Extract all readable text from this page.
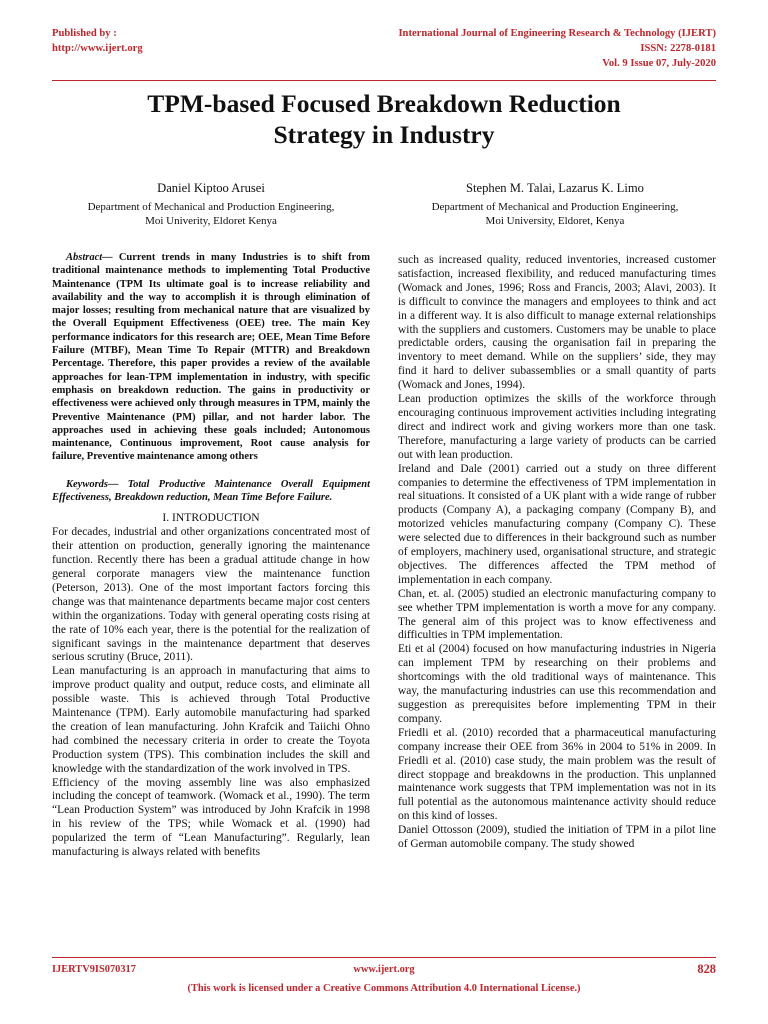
Published by :
http://www.ijert.org
International Journal of Engineering Research & Technology (IJERT)
ISSN: 2278-0181
Vol. 9 Issue 07, July-2020
TPM-based Focused Breakdown Reduction
Strategy in Industry
Daniel Kiptoo Arusei
Department of Mechanical and Production Engineering,
Moi Univerity, Eldoret Kenya
Stephen M. Talai, Lazarus K. Limo
Department of Mechanical and Production Engineering,
Moi University, Eldoret, Kenya

Abstract— Current trends in many Industries is to shift from traditional maintenance methods to implementing Total Productive Maintenance (TPM Its ultimate goal is to increase reliability and availability and the way to accomplish it is through elimination of major losses; resulting from mechanical nature that are visualized by the Overall Equipment Effectiveness (OEE) tree. The main Key performance indicators for this research are; OEE, Mean Time Before Failure (MTBF), Mean Time To Repair (MTTR) and Breakdown Percentage. Therefore, this paper provides a review of the available approaches for lean-TPM implementation in industry, with specific emphasis on breakdown reduction. The gains in productivity or effectiveness were achieved only through measures in TPM, mainly the Preventive Maintenance (PM) pillar, and not harder labor. The approaches used in achieving these goals included; Autonomous maintenance, Continuous improvement, Root cause analysis for failure, Preventive maintenance among others

Keywords— Total Productive Maintenance Overall Equipment Effectiveness, Breakdown reduction, Mean Time Before Failure.

I. INTRODUCTION

For decades, industrial and other organizations concentrated most of their attention on production, generally ignoring the maintenance function. Recently there has been a gradual attitude change in how general corporate managers view the maintenance function (Peterson, 2013). One of the most important factors forcing this change was that maintenance departments became major cost centers within the organizations. Today with general operating costs rising at the rate of 10% each year, there is the potential for the realization of significant savings in the maintenance department that deserves serious scrutiny (Bruce, 2011).

Lean manufacturing is an approach in manufacturing that aims to improve product quality and output, reduce costs, and eliminate all possible waste. This is achieved through Total Productive Maintenance (TPM). Early automobile manufacturing had sparked the creation of lean manufacturing. John Krafcik and Taiichi Ohno had combined the necessary criteria in order to create the Toyota Production system (TPS). This combination includes the skill and knowledge with the standardization of the work involved in TPS.

Efficiency of the moving assembly line was also emphasized including the concept of teamwork. (Womack et al., 1990). The term “Lean Production System” was introduced by John Krafcik in 1998 in his review of the TPS; while Womack et al. (1990) had popularized the term of “Lean Manufacturing”. Regularly, lean manufacturing is always related with benefits

such as increased quality, reduced inventories, increased customer satisfaction, increased flexibility, and reduced manufacturing times (Womack and Jones, 1996; Ross and Francis, 2003; Alavi, 2003). It is difficult to convince the managers and employees to think and act in a different way. It is also difficult to manage external relationships with the suppliers and customers. Customers may be unable to place predictable orders, causing the organisation fail in preparing the inventory to meet demand. While on the suppliers’ side, they may find it hard to deliver subassemblies or a small quantity of parts (Womack and Jones, 1994).

Lean production optimizes the skills of the workforce through encouraging continuous improvement activities including integrating direct and indirect work and giving workers more than one task. Therefore, manufacturing a large variety of products can be carried out with lean production.

Ireland and Dale (2001) carried out a study on three different companies to determine the effectiveness of TPM implementation in real situations. It consisted of a UK plant with a wide range of rubber products (Company A), a packaging company (Company B), and motorized vehicles manufacturing company (Company C). These were selected due to differences in their background such as number of employers, machinery used, organisational structure, and strategic objectives. The differences affected the TPM method of implementation in each company.

Chan, et. al. (2005) studied an electronic manufacturing company to see whether TPM implementation is worth a move for any company. The general aim of this project was to know effectiveness and difficulties in TPM implementation.

Eti et al (2004) focused on how manufacturing industries in Nigeria can implement TPM by researching on their problems and shortcomings with the old traditional ways of maintenance. This way, the manufacturing industries can use this recommendation and suggestion as prerequisites before implementing TPM in their company.

Friedli et al. (2010) recorded that a pharmaceutical manufacturing company increase their OEE from 36% in 2004 to 51% in 2009. In Friedli et al. (2010) case study, the main problem was the result of direct stoppage and breakdowns in the production. This unplanned maintenance work suggests that TPM implementation was not in its full potential as the autonomous maintenance activity should reduce on this kind of losses.

Daniel Ottosson (2009), studied the initiation of TPM in a pilot line of German automobile company. The study showed

IJERTV9IS070317	www.ijert.org	828
(This work is licensed under a Creative Commons Attribution 4.0 International License.)
